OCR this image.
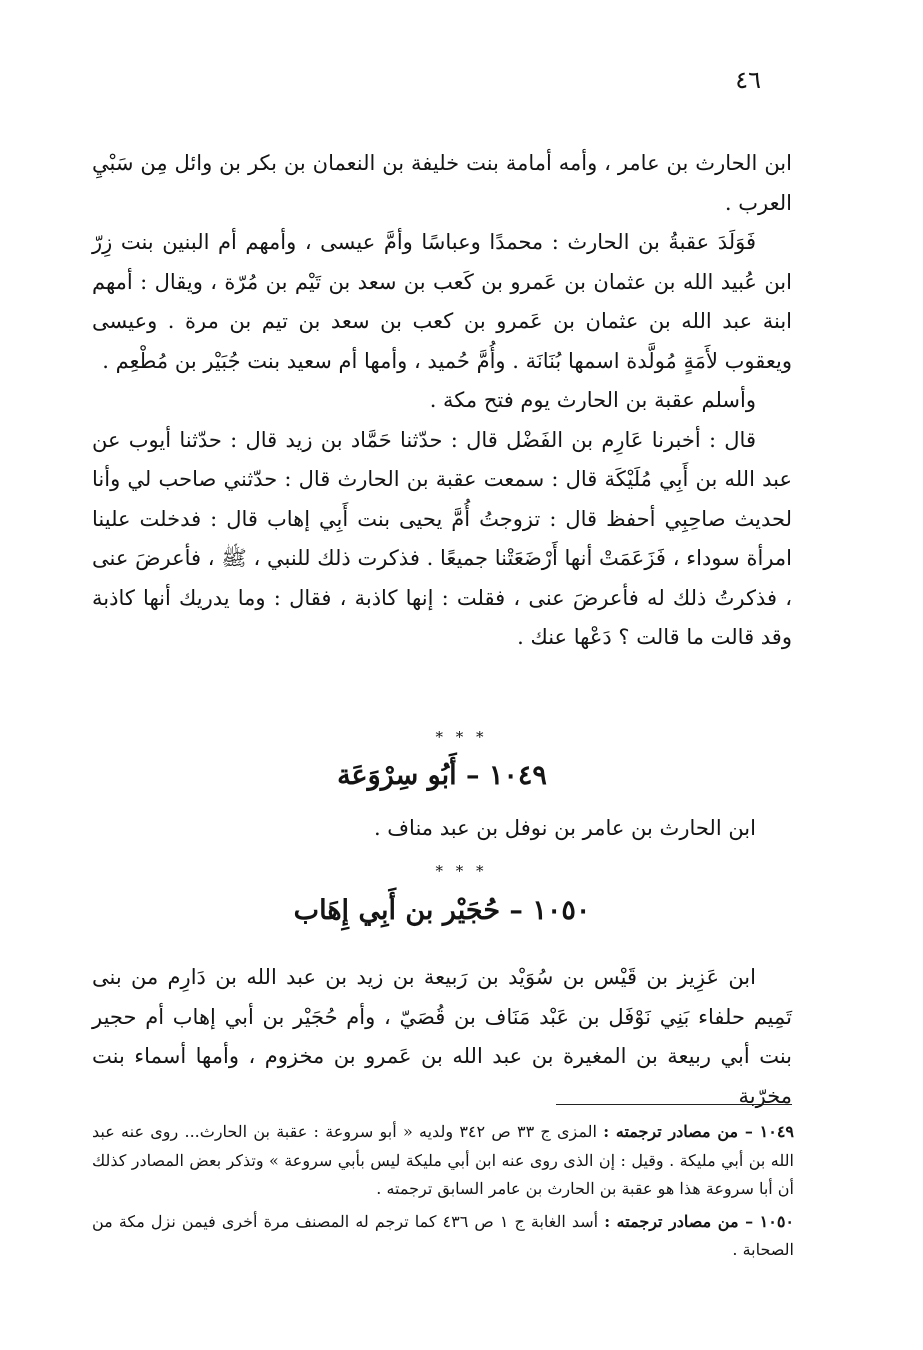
٤٦

ابن الحارث بن عامر ، وأمه أمامة بنت خليفة بن النعمان بن بكر بن وائل مِن سَبْيِ العرب .

فَوَلَدَ عقبةُ بن الحارث : محمدًا وعباسًا وأمَّ عيسى ، وأمهم أم البنين بنت زِرّ ابن عُبيد الله بن عثمان بن عَمرو بن كَعب بن سعد بن تَيْم بن مُرّة ، ويقال : أمهم ابنة عبد الله بن عثمان بن عَمرو بن كعب بن سعد بن تيم بن مرة . وعيسى ويعقوب لأَمَةٍ مُولَّدة اسمها بُنَانَة . وأُمَّ حُميد ، وأمها أم سعيد بنت جُبَيْر بن مُطْعِم .

وأسلم عقبة بن الحارث يوم فتح مكة .

قال : أخبرنا عَارِم بن الفَضْل قال : حدّثنا حَمَّاد بن زيد قال : حدّثنا أيوب عن عبد الله بن أَبِي مُلَيْكَة قال : سمعت عقبة بن الحارث قال : حدّثني صاحب لي وأنا لحديث صاحِبِي أحفظ قال : تزوجتُ أُمَّ يحيى بنت أَبِي إهاب قال : فدخلت علينا امرأة سوداء ، فَزَعَمَتْ أنها أَرْضَعَتْنا جميعًا . فذكرت ذلك للنبي ، ﷺ ، فأعرضَ عنى ، فذكرتُ ذلك له فأعرضَ عنى ، فقلت : إنها كاذبة ، فقال : وما يدريك أنها كاذبة وقد قالت ما قالت ؟ دَعْها عنك .

* * *
١٠٤٩ – أَبُو سِرْوَعَة
ابن الحارث بن عامر بن نوفل بن عبد مناف .
* * *
١٠٥٠ – حُجَيْر بن أَبِي إِهَاب

ابن عَزِيز بن قَيْس بن سُوَيْد بن رَبيعة بن زيد بن عبد الله بن دَارِم من بنى تَمِيم حلفاء بَنِي نَوْفَل بن عَبْد مَنَاف بن قُصَيّ ، وأم حُجَيْر بن أبي إهاب أم حجير بنت أبي ربيعة بن المغيرة بن عبد الله بن عَمرو بن مخزوم ، وأمها أسماء بنت مخرّبة

١٠٤٩ – من مصادر ترجمته : المزى ج ٣٣ ص ٣٤٢ ولديه « أبو سروعة : عقبة بن الحارث... روى عنه عبد الله بن أبي مليكة . وقيل : إن الذى روى عنه ابن أبي مليكة ليس بأبي سروعة » وتذكر بعض المصادر كذلك أن أبا سروعة هذا هو عقبة بن الحارث بن عامر السابق ترجمته .

١٠٥٠ – من مصادر ترجمته : أسد الغابة ج ١ ص ٤٣٦ كما ترجم له المصنف مرة أخرى فيمن نزل مكة من الصحابة .
